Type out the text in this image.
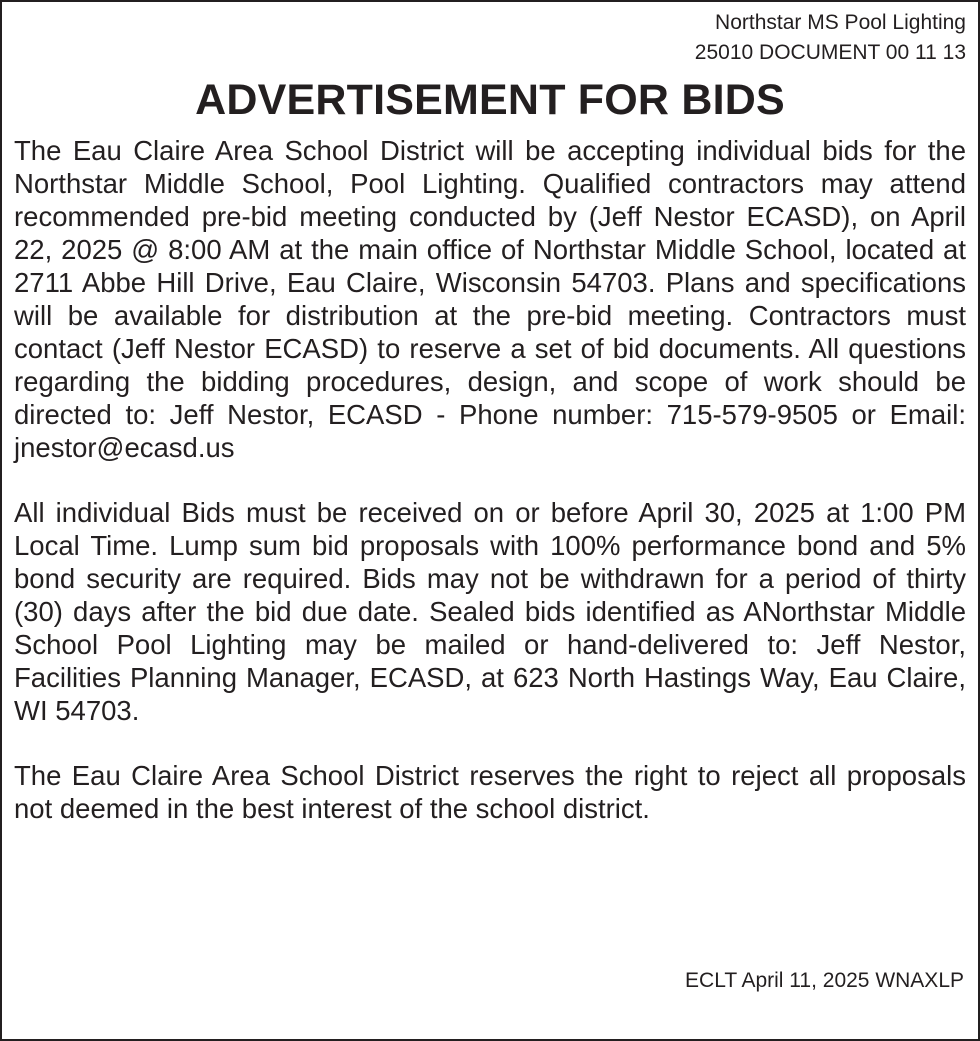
Northstar MS Pool Lighting
25010 DOCUMENT 00 11 13
ADVERTISEMENT FOR BIDS

The Eau Claire Area School District will be accepting individual bids for the Northstar Middle School, Pool Lighting. Qualified contractors may attend recommended pre-bid meeting conducted by (Jeff Nestor ECASD), on April 22, 2025 @ 8:00 AM at the main office of Northstar Middle School, located at 2711 Abbe Hill Drive, Eau Claire, Wisconsin 54703. Plans and specifications will be available for distribution at the pre-bid meeting. Contractors must contact (Jeff Nestor ECASD) to reserve a set of bid documents. All questions regarding the bidding procedures, design, and scope of work should be directed to: Jeff Nestor, ECASD - Phone number: 715-579-9505 or Email: jnestor@ecasd.us

All individual Bids must be received on or before April 30, 2025 at 1:00 PM Local Time. Lump sum bid proposals with 100% performance bond and 5% bond security are required. Bids may not be withdrawn for a period of thirty (30) days after the bid due date. Sealed bids identified as ANorthstar Middle School Pool Lighting may be mailed or hand-delivered to: Jeff Nestor, Facilities Planning Manager, ECASD, at 623 North Hastings Way, Eau Claire, WI 54703.

The Eau Claire Area School District reserves the right to reject all proposals not deemed in the best interest of the school district.

ECLT April 11, 2025 WNAXLP
